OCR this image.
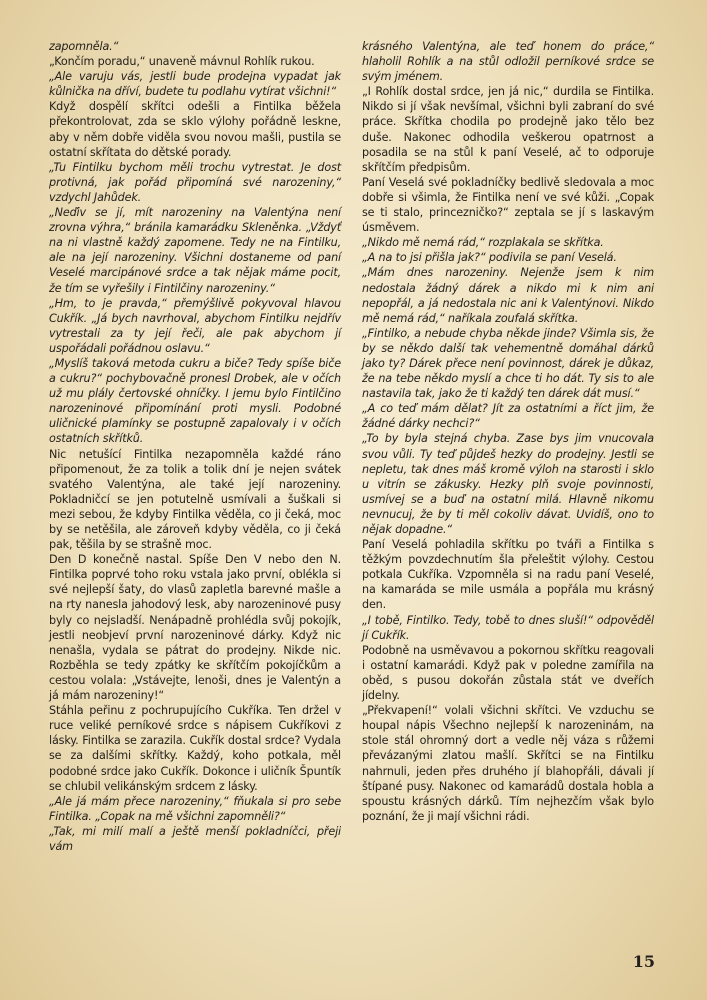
zapomněla.“

„Končím poradu,“ unaveně mávnul Rohlík rukou.

„Ale varuju vás, jestli bude prodejna vypadat jak kůlnička na dříví, budete tu podlahu vytírat všichni!“

Když dospělí skřítci odešli a Fintilka běžela překontrolovat, zda se sklo výlohy pořádně leskne, aby v něm dobře viděla svou novou mašli, pustila se ostatní skřítata do dětské porady.

„Tu Fintilku bychom měli trochu vytrestat. Je dost protivná, jak pořád připomíná své narozeniny,“ vzdychl Jahůdek.

„Neďiv se jí, mít narozeniny na Valentýna není zrovna výhra,“ bránila kamarádku Skleněnka. „Vždyť na ni vlastně každý zapomene. Tedy ne na Fintilku, ale na její narozeniny. Všichni dostaneme od paní Veselé marcipánové srdce a tak nějak máme pocit, že tím se vyřešily i Fintilčiny narozeniny.“

„Hm, to je pravda,“ přemýšlivě pokyvoval hlavou Cukřík. „Já bych navrhoval, abychom Fintilku nejdřív vytrestali za ty její řeči, ale pak abychom jí uspořádali pořádnou oslavu.“

„Myslíš taková metoda cukru a biče? Tedy spíše biče a cukru?“ pochybovačně pronesl Drobek, ale v očích už mu plály čertovské ohníčky. I jemu bylo Fintilčino narozeninové připomínání proti mysli. Podobné uličnické plamínky se postupně zapalovaly i v očích ostatních skřítků.

Nic netušící Fintilka nezapomněla každé ráno připomenout, že za tolik a tolik dní je nejen svátek svatého Valentýna, ale také její narozeniny. Pokladničcí se jen potutelně usmívali a šuškali si mezi sebou, že kdyby Fintilka věděla, co ji čeká, moc by se netěšila, ale zároveň kdyby věděla, co ji čeká pak, těšila by se strašně moc.

Den D konečně nastal. Spíše Den V nebo den N. Fintilka poprvé toho roku vstala jako první, oblékla si své nejlepší šaty, do vlasů zapletla barevné mašle a na rty nanesla jahodový lesk, aby narozeninové pusy byly co nejsladší. Nenápadně prohlédla svůj pokojík, jestli neobjeví první narozeninové dárky. Když nic nenašla, vydala se pátrat do prodejny. Nikde nic. Rozběhla se tedy zpátky ke skřítčím pokojíčkům a cestou volala: „Vstávejte, lenoši, dnes je Valentýn a já mám narozeniny!“

Stáhla peřinu z pochrupujícího Cukříka. Ten držel v ruce veliké perníkové srdce s nápisem Cukříkovi z lásky. Fintilka se zarazila. Cukřík dostal srdce? Vydala se za dalšími skřítky. Každý, koho potkala, měl podobné srdce jako Cukřík. Dokonce i uličník Špuntík se chlubil velikánským srdcem z lásky.

„Ale já mám přece narozeniny,“ fňukala si pro sebe Fintilka. „Copak na mě všichni zapomněli?“

„Tak, mi milí malí a ještě menší pokladníčci, přeji vám

krásného Valentýna, ale teď honem do práce,“ hlaholil Rohlík a na stůl odložil perníkové srdce se svým jménem.

„I Rohlík dostal srdce, jen já nic,“ durdila se Fintilka. Nikdo si jí však nevšímal, všichni byli zabraní do své práce. Skřítka chodila po prodejně jako tělo bez duše. Nakonec odhodila veškerou opatrnost a posadila se na stůl k paní Veselé, ač to odporuje skřítčím předpisům.

Paní Veselá své pokladníčky bedlivě sledovala a moc dobře si všimla, že Fintilka není ve své kůži. „Copak se ti stalo, princezničko?“ zeptala se jí s laskavým úsměvem.

„Nikdo mě nemá rád,“ rozplakala se skřítka.

„A na to jsi přišla jak?“ podivila se paní Veselá.

„Mám dnes narozeniny. Nejenže jsem k nim nedostala žádný dárek a nikdo mi k nim ani nepopřál, a já nedostala nic ani k Valentýnovi. Nikdo mě nemá rád,“ naříkala zoufalá skřítka.

„Fintilko, a nebude chyba někde jinde? Všimla sis, že by se někdo další tak vehementně domáhal dárků jako ty? Dárek přece není povinnost, dárek je důkaz, že na tebe někdo myslí a chce ti ho dát. Ty sis to ale nastavila tak, jako že ti každý ten dárek dát musí.“

„A co teď mám dělat? Jít za ostatními a říct jim, že žádné dárky nechci?“

„To by byla stejná chyba. Zase bys jim vnucovala svou vůli. Ty teď půjdeš hezky do prodejny. Jestli se nepletu, tak dnes máš kromě výloh na starosti i sklo u vitrín se zákusky. Hezky plň svoje povinnosti, usmívej se a buď na ostatní milá. Hlavně nikomu nevnucuj, že by ti měl cokoliv dávat. Uvidíš, ono to nějak dopadne.“

Paní Veselá pohladila skřítku po tváři a Fintilka s těžkým povzdechnutím šla přeleštit výlohy. Cestou potkala Cukříka. Vzpomněla si na radu paní Veselé, na kamaráda se mile usmála a popřála mu krásný den.

„I tobě, Fintilko. Tedy, tobě to dnes sluší!“ odpověděl jí Cukřík.

Podobně na usměvavou a pokornou skřítku reagovali i ostatní kamarádi. Když pak v poledne zamířila na oběd, s pusou dokořán zůstala stát ve dveřích jídelny.

„Překvapení!“ volali všichni skřítci. Ve vzduchu se houpal nápis Všechno nejlepší k narozeninám, na stole stál ohromný dort a vedle něj váza s růžemi převázanými zlatou mašlí. Skřítci se na Fintilku nahrnuli, jeden přes druhého jí blahopřáli, dávali jí štípané pusy. Nakonec od kamarádů dostala hobla a spoustu krásných dárků. Tím nejhezčím však bylo poznání, že ji mají všichni rádi.

15
